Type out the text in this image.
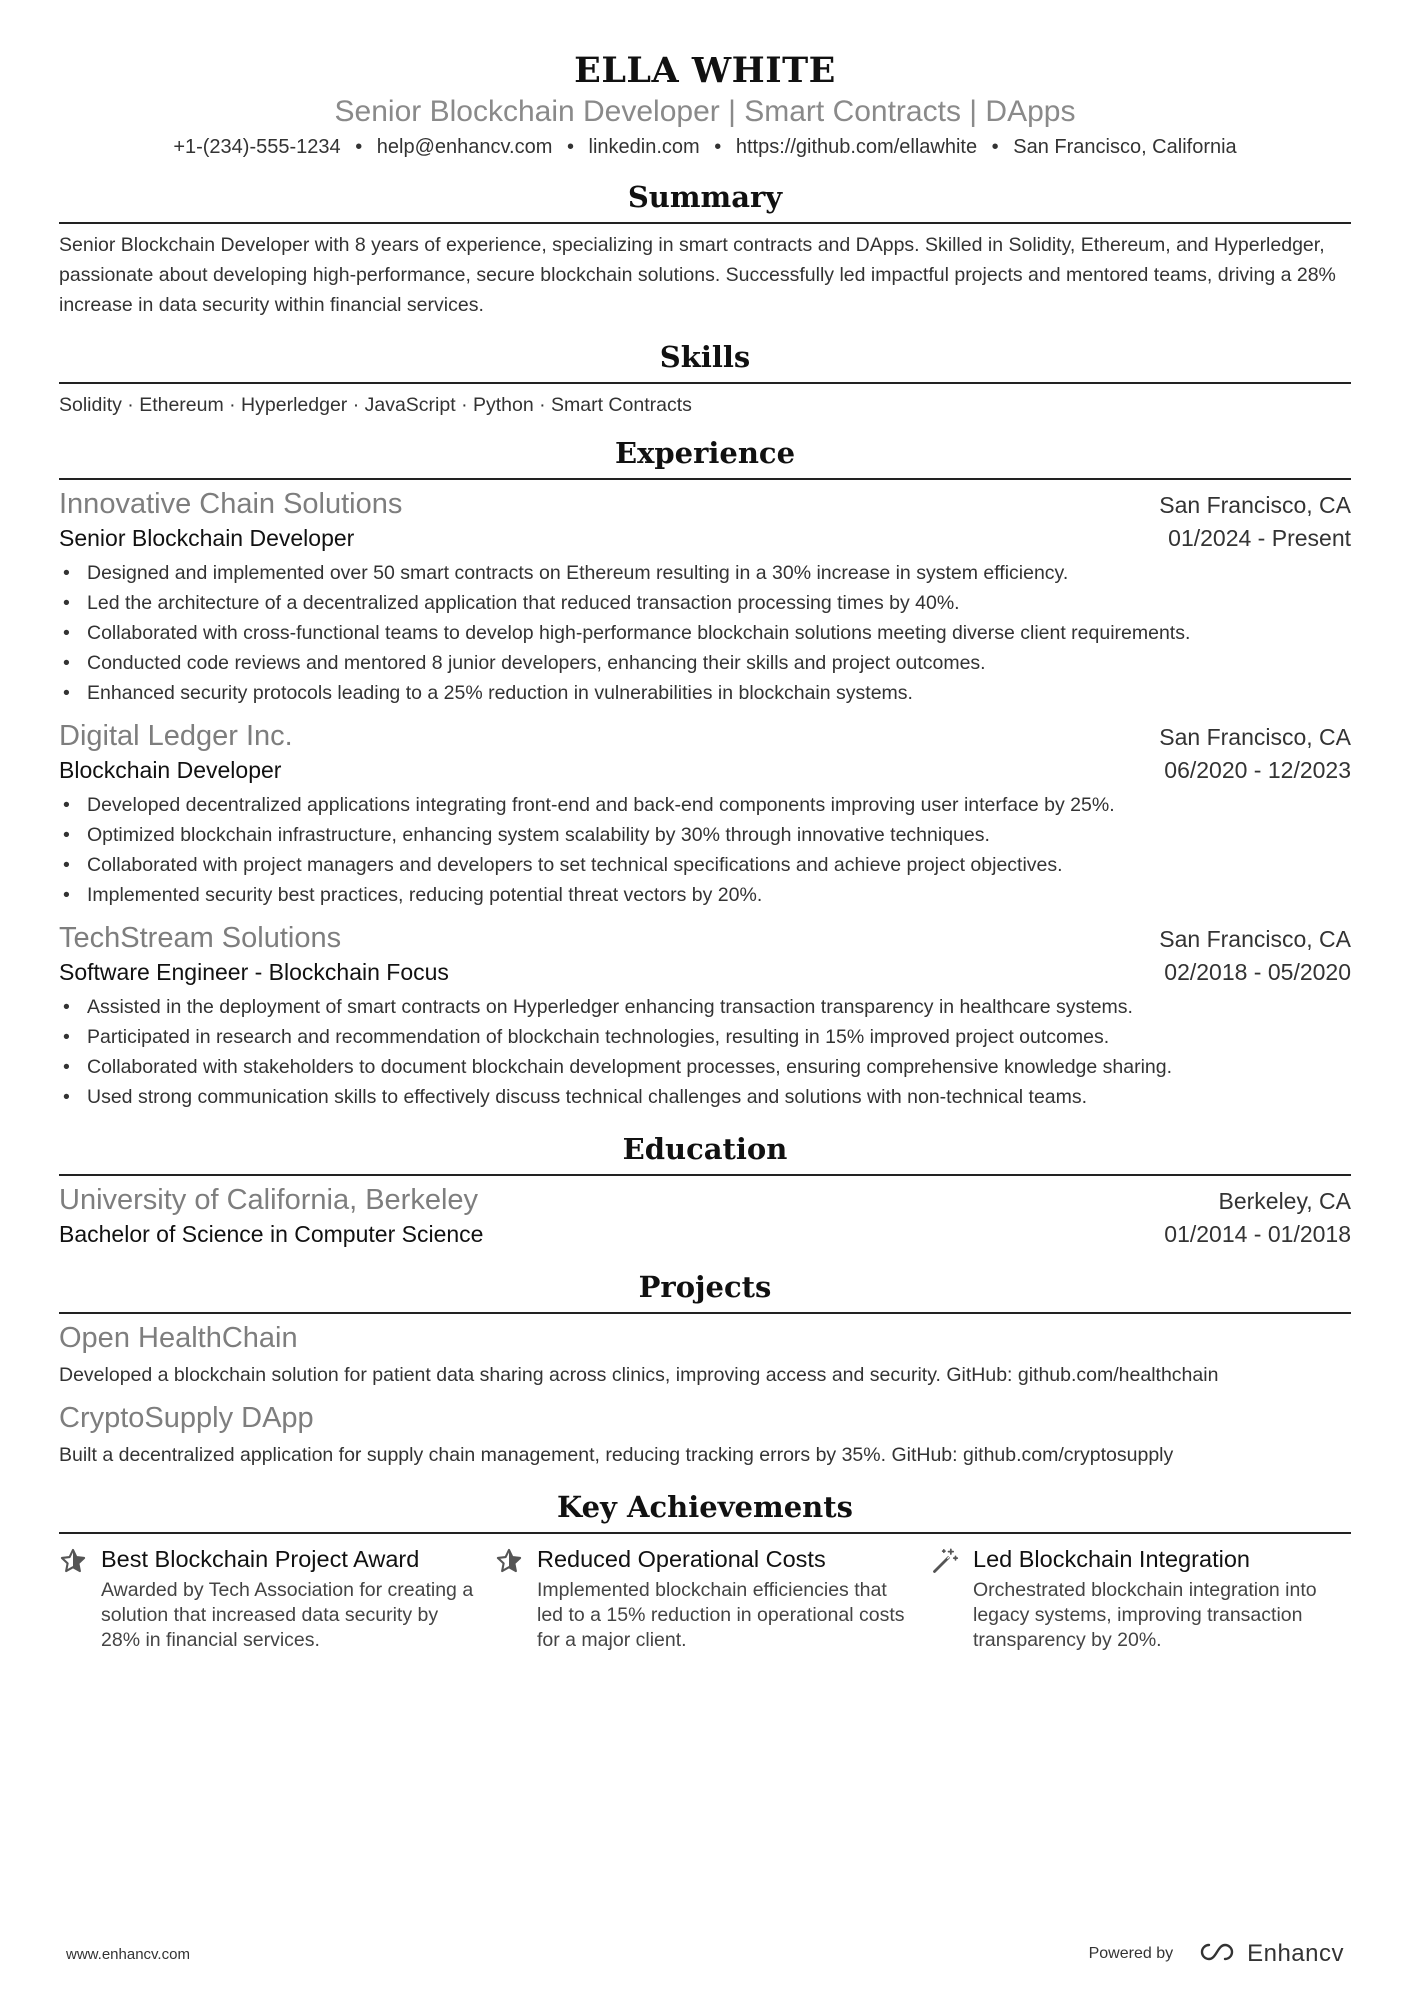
ELLA WHITE
Senior Blockchain Developer | Smart Contracts | DApps
+1-(234)-555-1234 • help@enhancv.com • linkedin.com • https://github.com/ellawhite • San Francisco, California
Summary
Senior Blockchain Developer with 8 years of experience, specializing in smart contracts and DApps. Skilled in Solidity, Ethereum, and Hyperledger, passionate about developing high-performance, secure blockchain solutions. Successfully led impactful projects and mentored teams, driving a 28% increase in data security within financial services.
Skills
Solidity · Ethereum · Hyperledger · JavaScript · Python · Smart Contracts
Experience
Innovative Chain Solutions	San Francisco, CA
Senior Blockchain Developer	01/2024 - Present
• Designed and implemented over 50 smart contracts on Ethereum resulting in a 30% increase in system efficiency.
• Led the architecture of a decentralized application that reduced transaction processing times by 40%.
• Collaborated with cross-functional teams to develop high-performance blockchain solutions meeting diverse client requirements.
• Conducted code reviews and mentored 8 junior developers, enhancing their skills and project outcomes.
• Enhanced security protocols leading to a 25% reduction in vulnerabilities in blockchain systems.
Digital Ledger Inc.	San Francisco, CA
Blockchain Developer	06/2020 - 12/2023
• Developed decentralized applications integrating front-end and back-end components improving user interface by 25%.
• Optimized blockchain infrastructure, enhancing system scalability by 30% through innovative techniques.
• Collaborated with project managers and developers to set technical specifications and achieve project objectives.
• Implemented security best practices, reducing potential threat vectors by 20%.
TechStream Solutions	San Francisco, CA
Software Engineer - Blockchain Focus	02/2018 - 05/2020
• Assisted in the deployment of smart contracts on Hyperledger enhancing transaction transparency in healthcare systems.
• Participated in research and recommendation of blockchain technologies, resulting in 15% improved project outcomes.
• Collaborated with stakeholders to document blockchain development processes, ensuring comprehensive knowledge sharing.
• Used strong communication skills to effectively discuss technical challenges and solutions with non-technical teams.
Education
University of California, Berkeley	Berkeley, CA
Bachelor of Science in Computer Science	01/2014 - 01/2018
Projects
Open HealthChain
Developed a blockchain solution for patient data sharing across clinics, improving access and security. GitHub: github.com/healthchain
CryptoSupply DApp
Built a decentralized application for supply chain management, reducing tracking errors by 35%. GitHub: github.com/cryptosupply
Key Achievements
Best Blockchain Project Award
Awarded by Tech Association for creating a solution that increased data security by 28% in financial services.
Reduced Operational Costs
Implemented blockchain efficiencies that led to a 15% reduction in operational costs for a major client.
Led Blockchain Integration
Orchestrated blockchain integration into legacy systems, improving transaction transparency by 20%.
www.enhancv.com	Powered by	Enhancv
